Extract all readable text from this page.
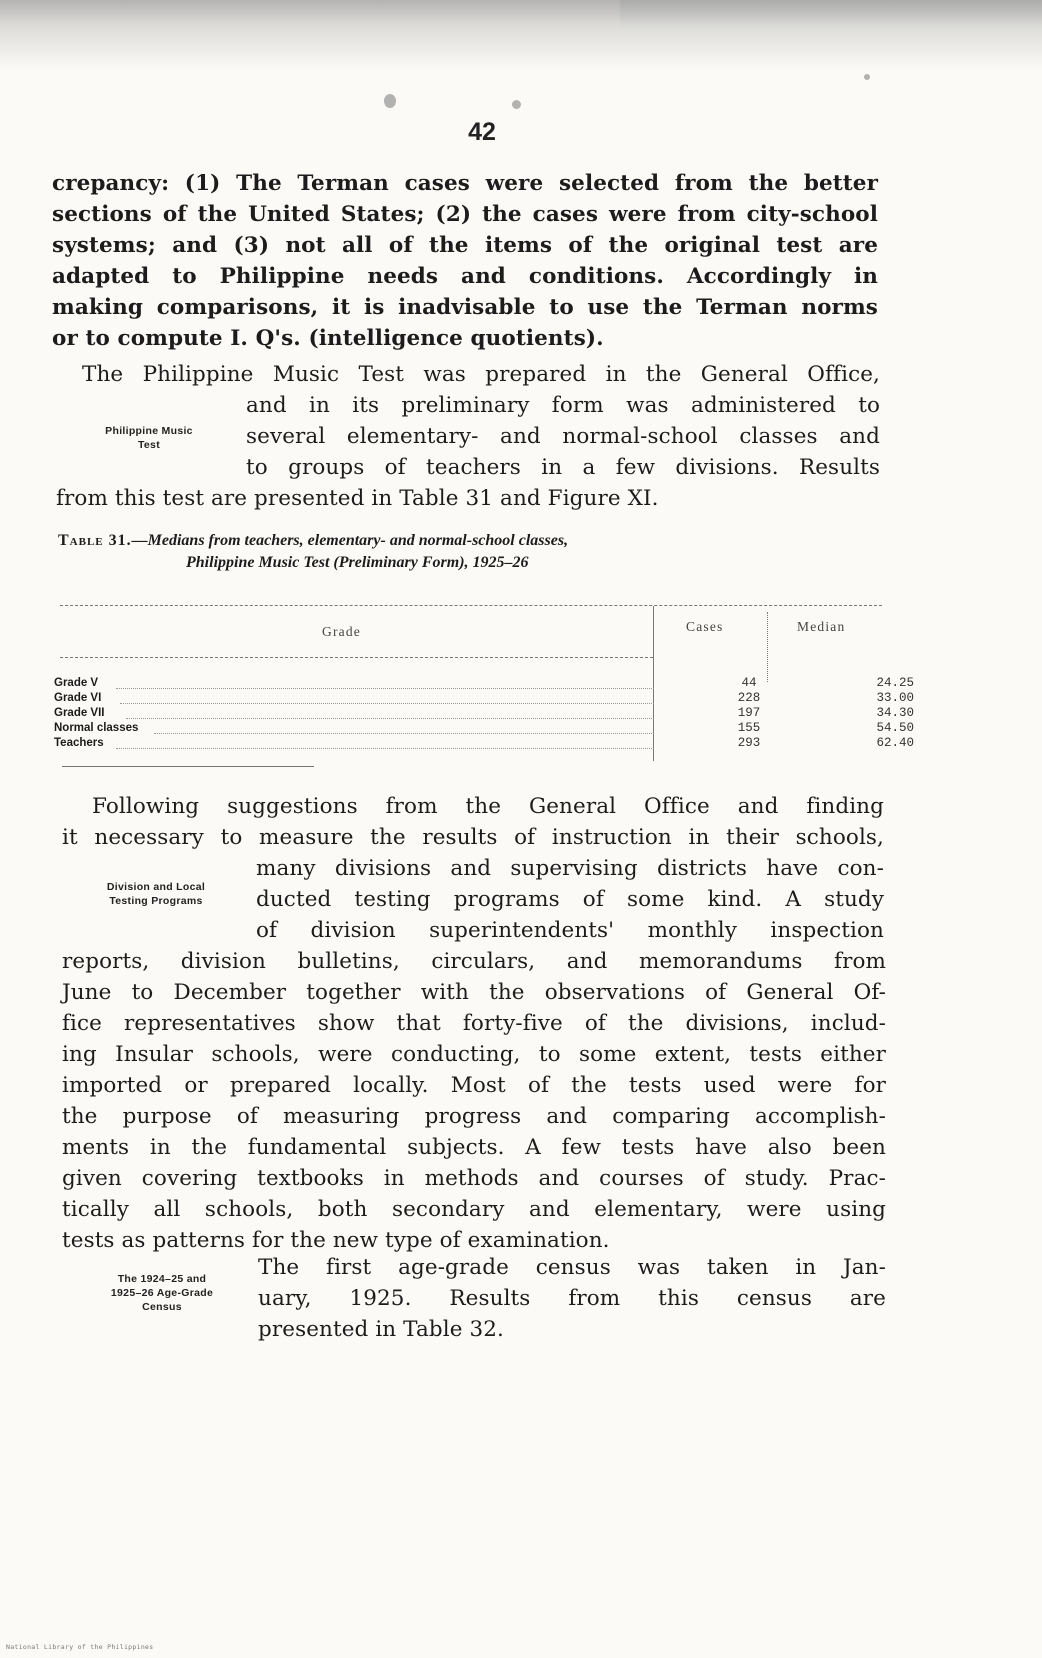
42
crepancy: (1) The Terman cases were selected from the better
sections of the United States; (2) the cases were from city-school
systems; and (3) not all of the items of the original test are
adapted to Philippine needs and conditions. Accordingly in
making comparisons, it is inadvisable to use the Terman norms
or to compute I. Q's. (intelligence quotients).
The Philippine Music Test was prepared in the General Office,
and in its preliminary form was administered to
several elementary- and normal-school classes and
to groups of teachers in a few divisions. Results
from this test are presented in Table 31 and Figure XI.
Philippine Music
Test
Table 31.—Medians from teachers, elementary- and normal-school classes,
Philippine Music Test (Preliminary Form), 1925–26
Grade	Cases	Median
Grade V	44	24.25
Grade VI	228	33.00
Grade VII	197	34.30
Normal classes	155	54.50
Teachers	293	62.40
Following suggestions from the General Office and finding
it necessary to measure the results of instruction in their schools,
many divisions and supervising districts have con-
ducted testing programs of some kind. A study
of division superintendents' monthly inspection
reports, division bulletins, circulars, and memorandums from
June to December together with the observations of General Of-
fice representatives show that forty-five of the divisions, includ-
ing Insular schools, were conducting, to some extent, tests either
imported or prepared locally. Most of the tests used were for
the purpose of measuring progress and comparing accomplish-
ments in the fundamental subjects. A few tests have also been
given covering textbooks in methods and courses of study. Prac-
tically all schools, both secondary and elementary, were using
tests as patterns for the new type of examination.
Division and Local
Testing Programs
The first age-grade census was taken in Jan-
uary, 1925. Results from this census are
presented in Table 32.
The 1924–25 and
1925–26 Age-Grade
Census
National Library of the Philippines
